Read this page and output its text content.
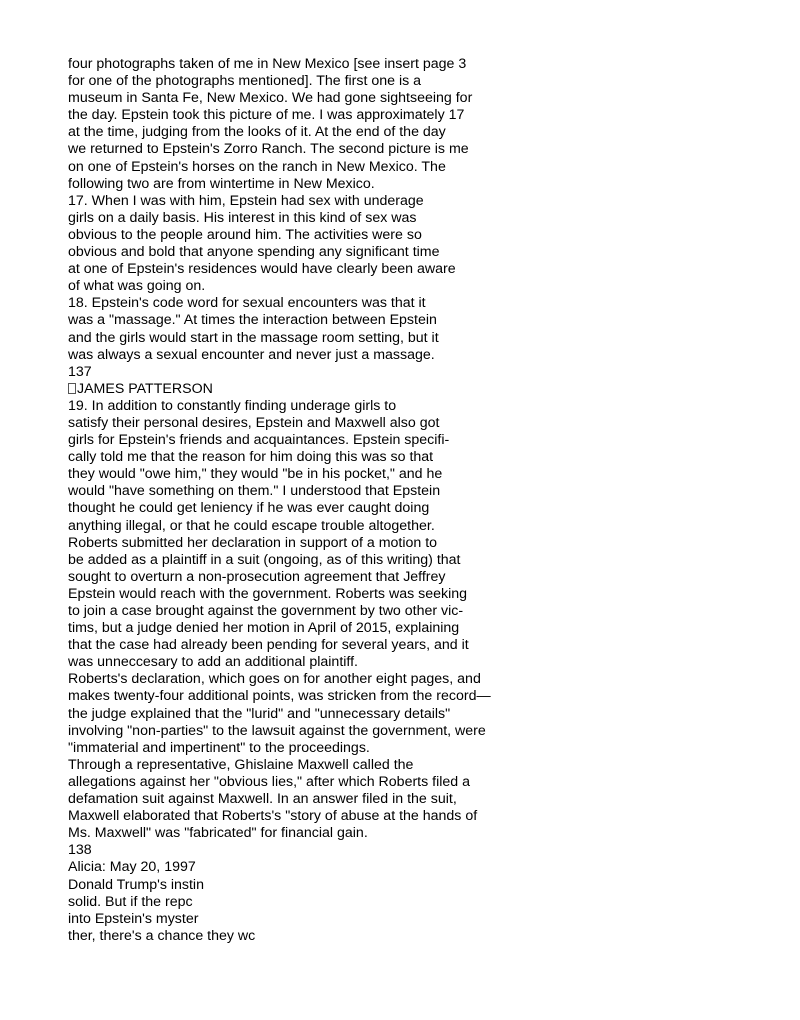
four photographs taken of me in New Mexico [see insert page 3
for one of the photographs mentioned]. The first one is a
museum in Santa Fe, New Mexico. We had gone sightseeing for
the day. Epstein took this picture of me. I was approximately 17
at the time, judging from the looks of it. At the end of the day
we returned to Epstein's Zorro Ranch. The second picture is me
on one of Epstein's horses on the ranch in New Mexico. The
following two are from wintertime in New Mexico.
17. When I was with him, Epstein had sex with underage
girls on a daily basis. His interest in this kind of sex was
obvious to the people around him. The activities were so
obvious and bold that anyone spending any significant time
at one of Epstein's residences would have clearly been aware
of what was going on.
18. Epstein's code word for sexual encounters was that it
was a "massage." At times the interaction between Epstein
and the girls would start in the massage room setting, but it
was always a sexual encounter and never just a massage.
137
JAMES PATTERSON
19. In addition to constantly finding underage girls to
satisfy their personal desires, Epstein and Maxwell also got
girls for Epstein's friends and acquaintances. Epstein specifi-
cally told me that the reason for him doing this was so that
they would "owe him," they would "be in his pocket," and he
would "have something on them." I understood that Epstein
thought he could get leniency if he was ever caught doing
anything illegal, or that he could escape trouble altogether.
Roberts submitted her declaration in support of a motion to
be added as a plaintiff in a suit (ongoing, as of this writing) that
sought to overturn a non-prosecution agreement that Jeffrey
Epstein would reach with the government. Roberts was seeking
to join a case brought against the government by two other vic-
tims, but a judge denied her motion in April of 2015, explaining
that the case had already been pending for several years, and it
was unneccesary to add an additional plaintiff.
Roberts's declaration, which goes on for another eight pages, and
makes twenty-four additional points, was stricken from the record—
the judge explained that the "lurid" and "unnecessary details"
involving "non-parties" to the lawsuit against the government, were
"immaterial and impertinent" to the proceedings.
Through a representative, Ghislaine Maxwell called the
allegations against her "obvious lies," after which Roberts filed a
defamation suit against Maxwell. In an answer filed in the suit,
Maxwell elaborated that Roberts's "story of abuse at the hands of
Ms. Maxwell" was "fabricated" for financial gain.
138
Alicia: May 20, 1997
Donald Trump's instin
solid. But if the repc
into Epstein's myster
ther, there's a chance they wc
